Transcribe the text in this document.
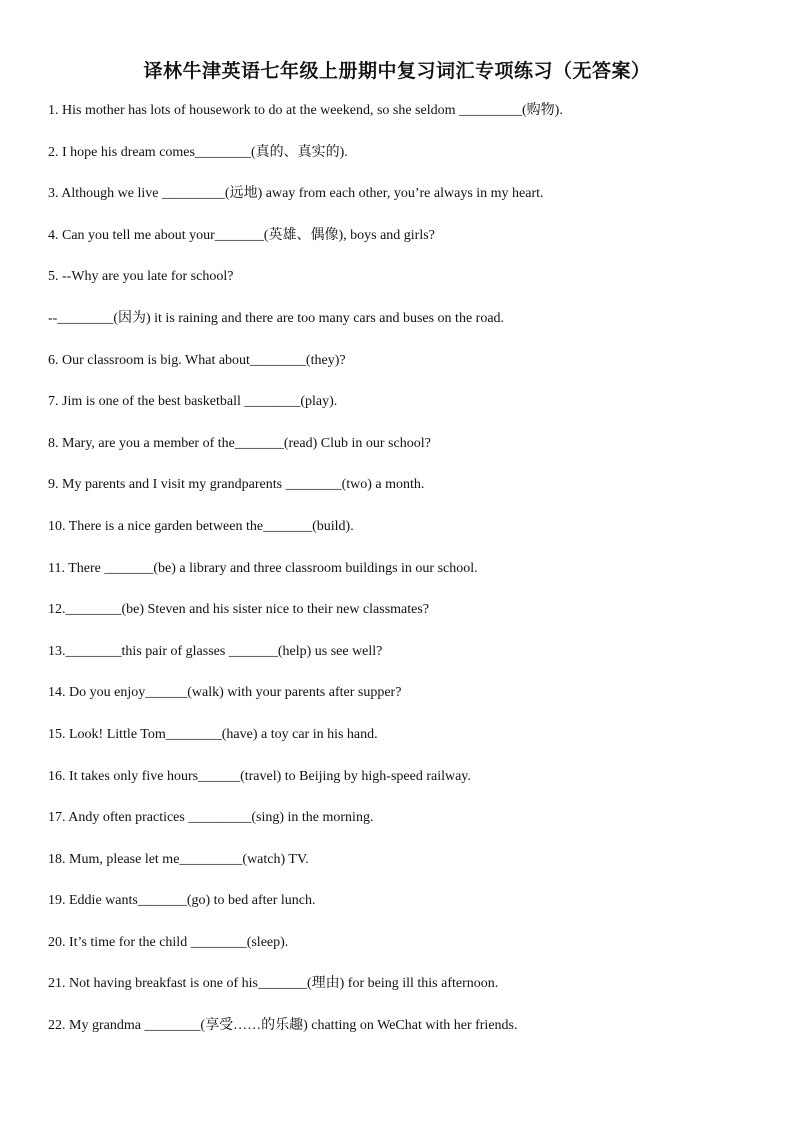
译林牛津英语七年级上册期中复习词汇专项练习（无答案）
1. His mother has lots of housework to do at the weekend, so she seldom _________(购物).
2. I hope his dream comes________(真的、真实的).
3. Although we live _________(远地) away from each other, you’re always in my heart.
4. Can you tell me about your_______(英雄、偶像), boys and girls?
5. --Why are you late for school?
--________(因为) it is raining and there are too many cars and buses on the road.
6. Our classroom is big. What about________(they)?
7. Jim is one of the best basketball ________(play).
8. Mary, are you a member of the_______(read) Club in our school?
9. My parents and I visit my grandparents ________(two) a month.
10. There is a nice garden between the_______(build).
11. There _______(be) a library and three classroom buildings in our school.
12.________(be) Steven and his sister nice to their new classmates?
13.________this pair of glasses _______(help) us see well?
14. Do you enjoy______(walk) with your parents after supper?
15. Look! Little Tom________(have) a toy car in his hand.
16. It takes only five hours______(travel) to Beijing by high-speed railway.
17. Andy often practices _________(sing) in the morning.
18. Mum, please let me_________(watch) TV.
19. Eddie wants_______(go) to bed after lunch.
20. It’s time for the child ________(sleep).
21. Not having breakfast is one of his_______(理由) for being ill this afternoon.
22. My grandma ________(享受……的乐趣) chatting on WeChat with her friends.
